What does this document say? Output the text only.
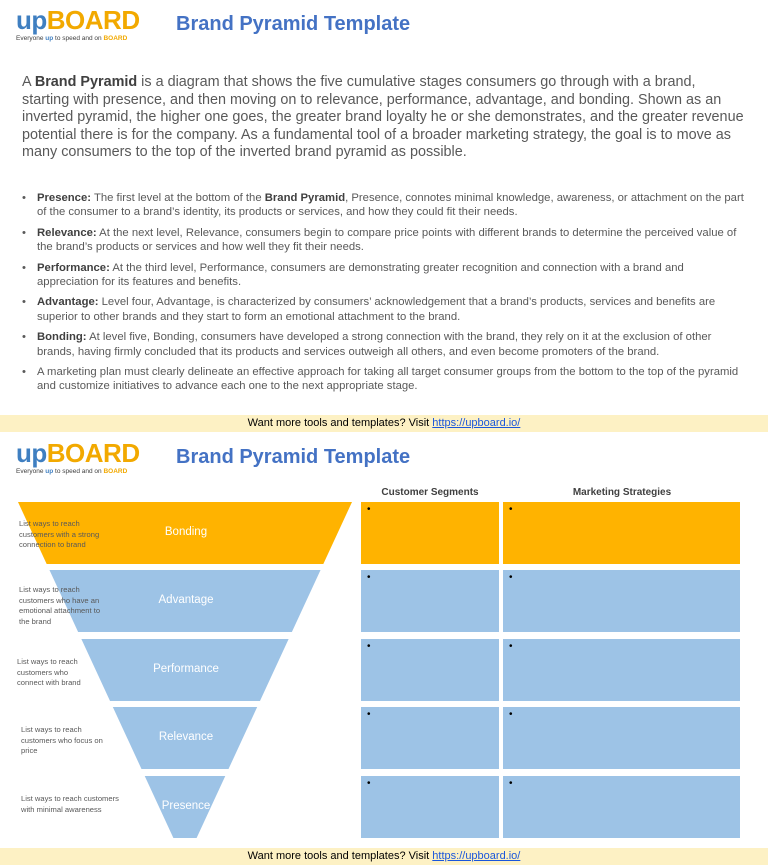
upBOARD
Everyone up to speed and on BOARD
Brand Pyramid Template
A Brand Pyramid is a diagram that shows the five cumulative stages consumers go through with a brand, starting with presence, and then moving on to relevance, performance, advantage, and bonding. Shown as an inverted pyramid, the higher one goes, the greater brand loyalty he or she demonstrates, and the greater revenue potential there is for the company. As a fundamental tool of a broader marketing strategy, the goal is to move as many consumers to the top of the inverted brand pyramid as possible.
• Presence: The first level at the bottom of the Brand Pyramid, Presence, connotes minimal knowledge, awareness, or attachment on the part of the consumer to a brand’s identity, its products or services, and how they could fit their needs.
• Relevance: At the next level, Relevance, consumers begin to compare price points with different brands to determine the perceived value of the brand’s products or services and how well they fit their needs.
• Performance: At the third level, Performance, consumers are demonstrating greater recognition and connection with a brand and appreciation for its features and benefits.
• Advantage: Level four, Advantage, is characterized by consumers’ acknowledgement that a brand’s products, services and benefits are superior to other brands and they start to form an emotional attachment to the brand.
• Bonding: At level five, Bonding, consumers have developed a strong connection with the brand, they rely on it at the exclusion of other brands, having firmly concluded that its products and services outweigh all others, and even become promoters of the brand.
• A marketing plan must clearly delineate an effective approach for taking all target consumer groups from the bottom to the top of the pyramid and customize initiatives to advance each one to the next appropriate stage.
Want more tools and templates? Visit https://upboard.io/
upBOARD
Everyone up to speed and on BOARD
Brand Pyramid Template
Bonding
List ways to reach customers with a strong connection to brand
Advantage
List ways to reach customers who have an emotional attachment to the brand
Performance
List ways to reach customers who connect with brand
Relevance
List ways to reach customers who focus on price
Presence
List ways to reach customers with minimal awareness
Customer Segments	Marketing Strategies
•	•
•	•
•	•
•	•
•	•
Want more tools and templates? Visit https://upboard.io/
